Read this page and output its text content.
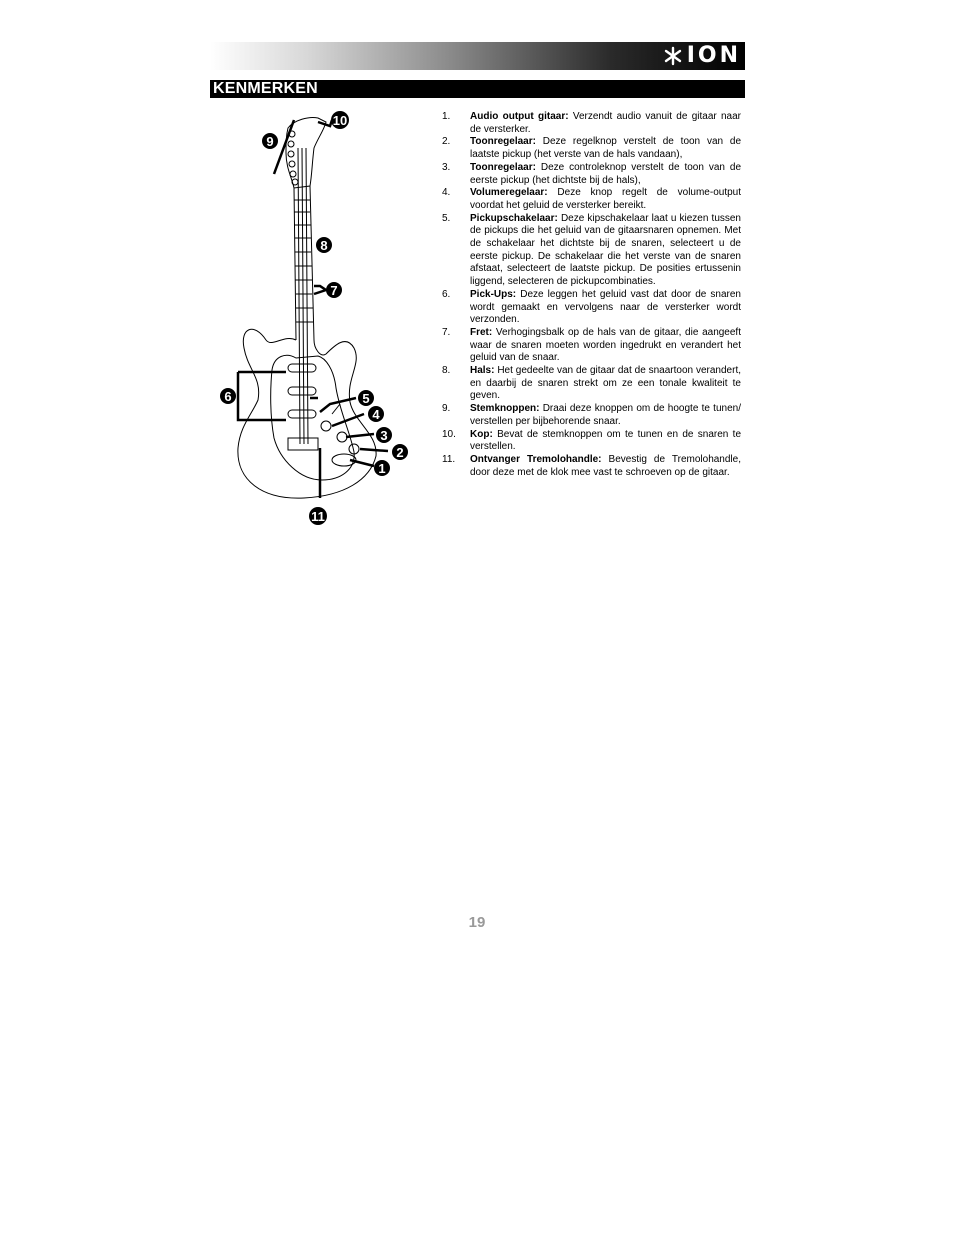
ION
KENMERKEN
1
2
3
4
5
6
7
8
9
10
11
1.	Audio output gitaar: Verzendt audio vanuit de gitaar naar de versterker.
2.	Toonregelaar: Deze regelknop verstelt de toon van de laatste pickup (het verste van de hals vandaan),
3.	Toonregelaar: Deze controleknop verstelt de toon van de eerste pickup (het dichtste bij de hals),
4.	Volumeregelaar: Deze knop regelt de volume-output voordat het geluid de versterker bereikt.
5.	Pickupschakelaar: Deze kipschakelaar laat u kiezen tussen de pickups die het geluid van de gitaarsnaren opnemen. Met de schakelaar het dichtste bij de snaren, selecteert u de eerste pickup. De schakelaar die het verste van de snaren afstaat, selecteert de laatste pickup. De posities ertussenin liggend, selecteren de pickupcombinaties.
6.	Pick-Ups: Deze leggen het geluid vast dat door de snaren wordt gemaakt en vervolgens naar de versterker wordt verzonden.
7.	Fret: Verhogingsbalk op de hals van de gitaar, die aangeeft waar de snaren moeten worden ingedrukt en verandert het geluid van de snaar.
8.	Hals: Het gedeelte van de gitaar dat de snaartoon verandert, en daarbij de snaren strekt om ze een tonale kwaliteit te geven.
9.	Stemknoppen: Draai deze knoppen om de hoogte te tunen/ verstellen per bijbehorende snaar.
10.	Kop: Bevat de stemknoppen om te tunen en de snaren te verstellen.
11.	Ontvanger Tremolohandle: Bevestig de Tremolohandle, door deze met de klok mee vast te schroeven op de gitaar.
19
